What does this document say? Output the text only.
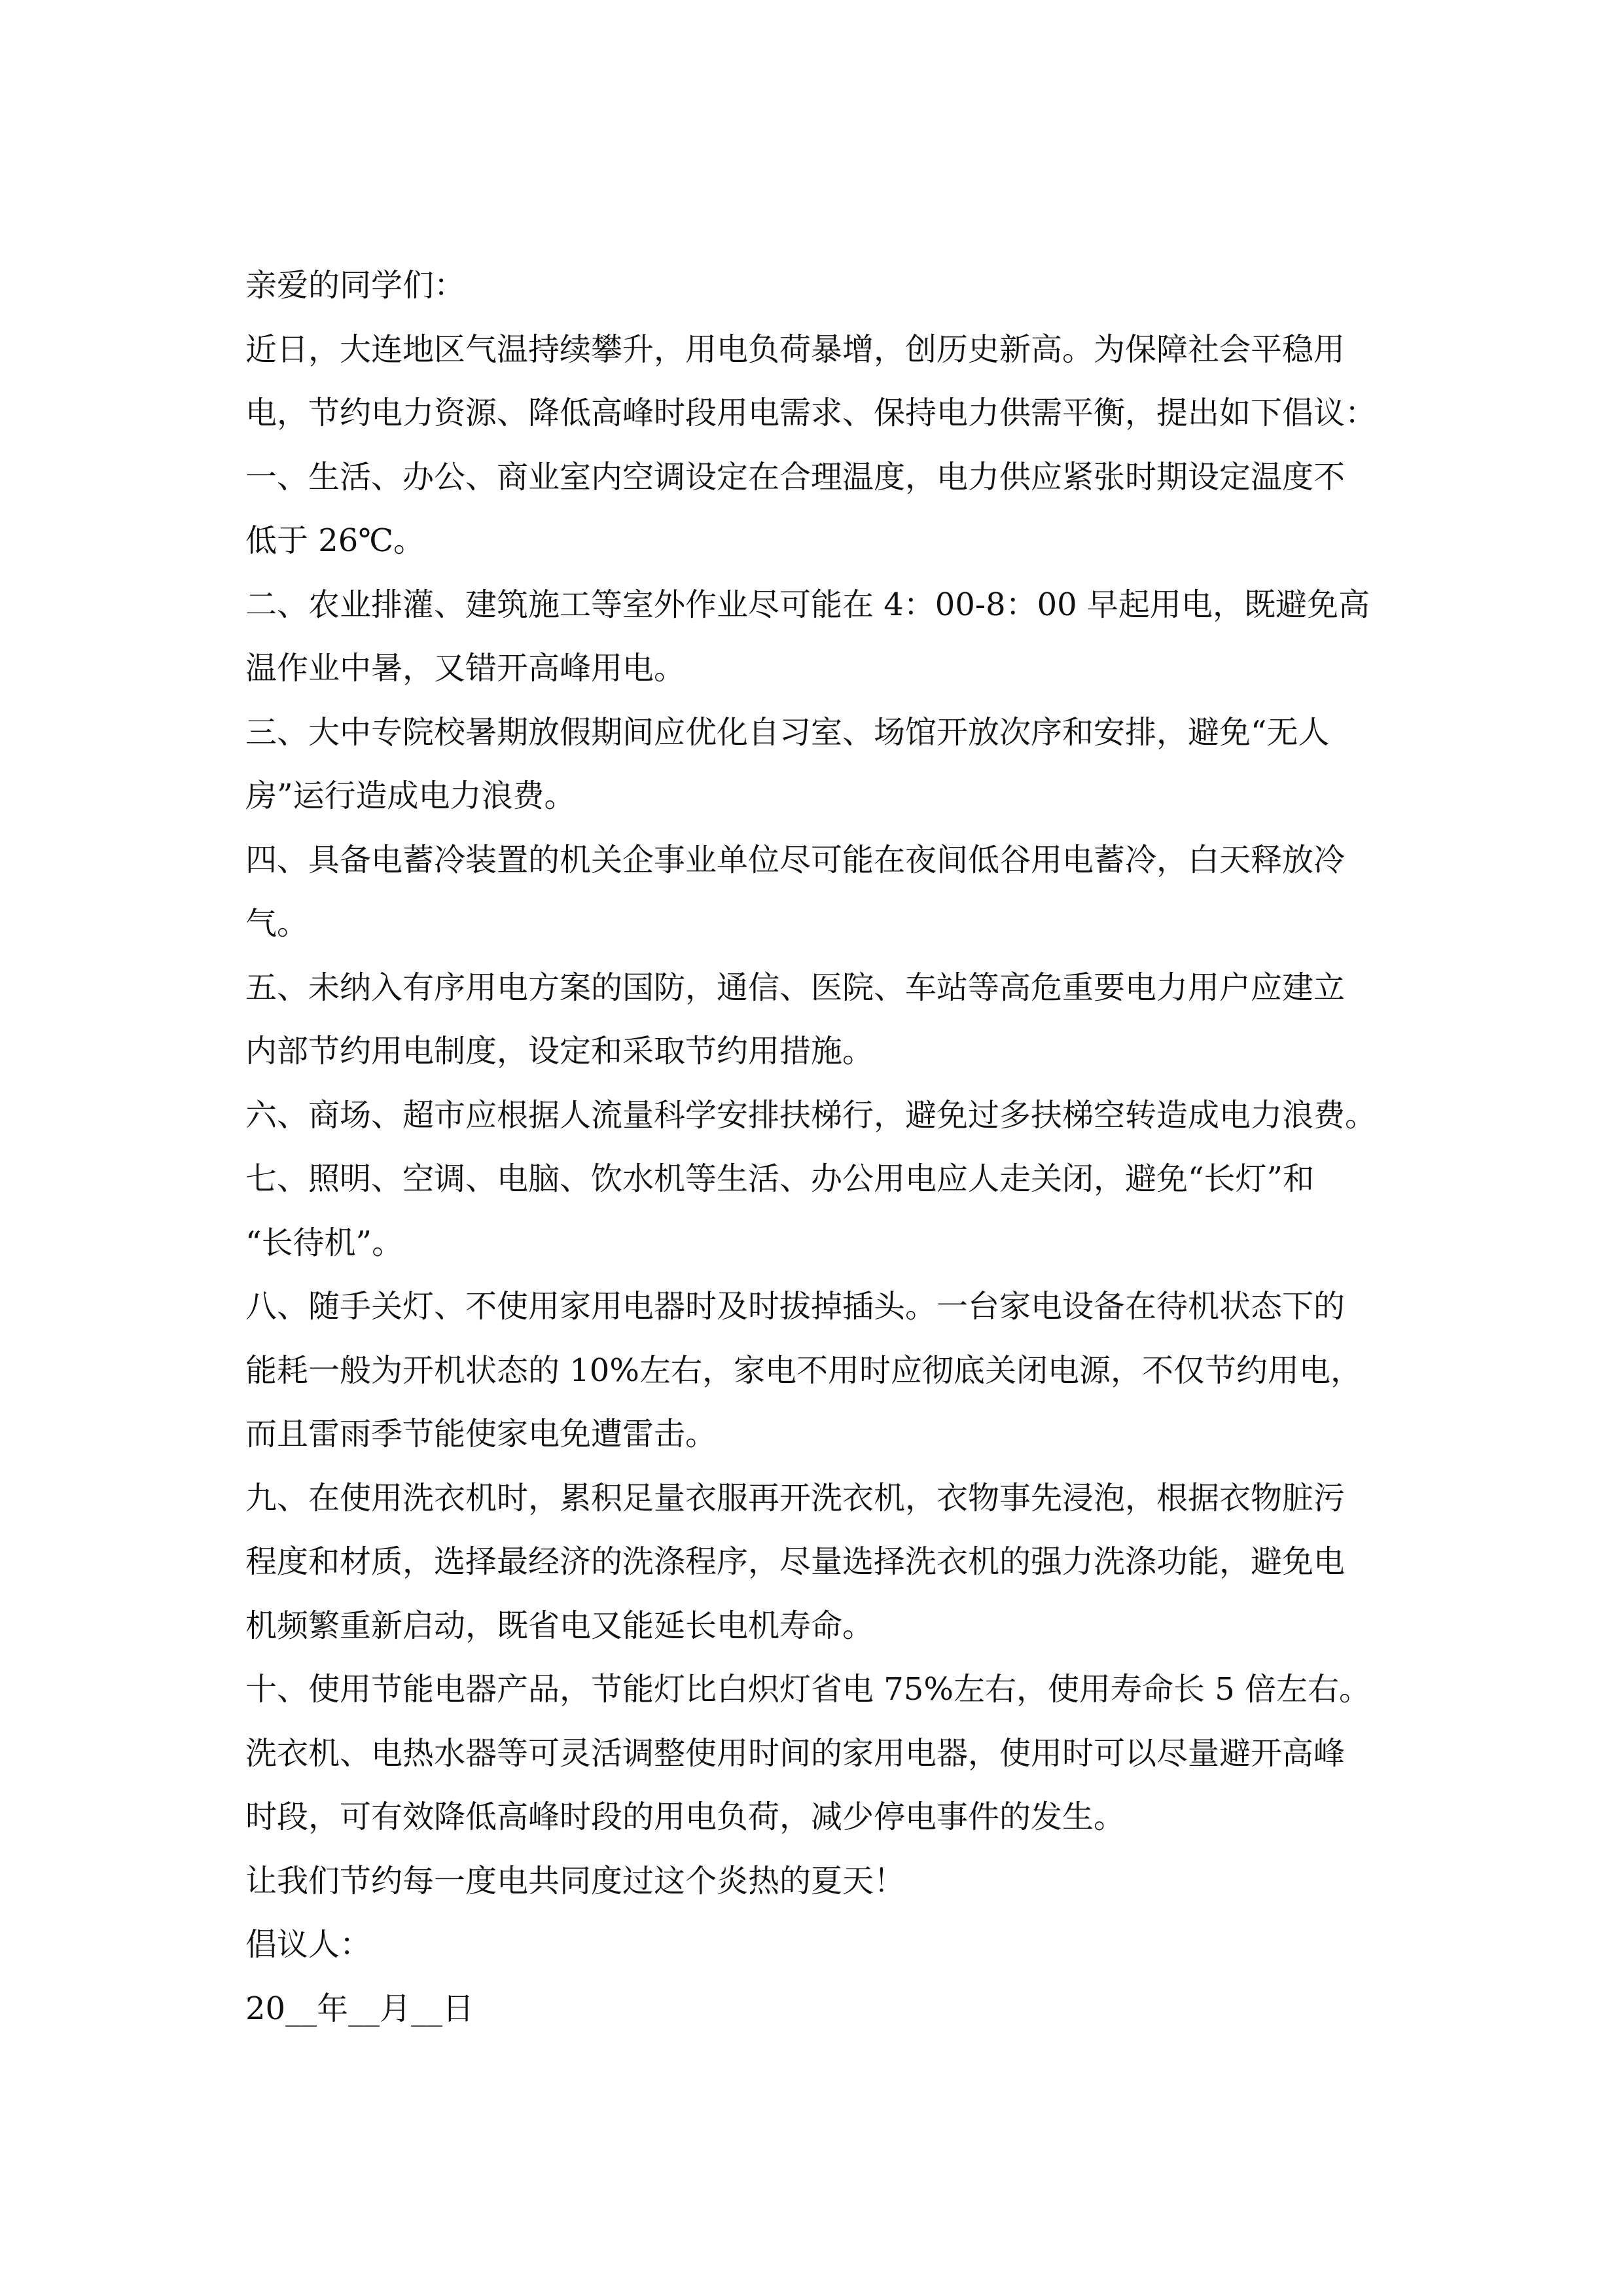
亲爱的同学们：
近日，大连地区气温持续攀升，用电负荷暴增，创历史新高。为保障社会平稳用
电，节约电力资源、降低高峰时段用电需求、保持电力供需平衡，提出如下倡议：
一、生活、办公、商业室内空调设定在合理温度，电力供应紧张时期设定温度不
低于 26℃。
二、农业排灌、建筑施工等室外作业尽可能在 4：00-8：00 早起用电，既避免高
温作业中暑，又错开高峰用电。
三、大中专院校暑期放假期间应优化自习室、场馆开放次序和安排，避免“无人
房”运行造成电力浪费。
四、具备电蓄冷装置的机关企事业单位尽可能在夜间低谷用电蓄冷，白天释放冷
气。
五、未纳入有序用电方案的国防，通信、医院、车站等高危重要电力用户应建立
内部节约用电制度，设定和采取节约用措施。
六、商场、超市应根据人流量科学安排扶梯行，避免过多扶梯空转造成电力浪费。
七、照明、空调、电脑、饮水机等生活、办公用电应人走关闭，避免“长灯”和
“长待机”。
八、随手关灯、不使用家用电器时及时拔掉插头。一台家电设备在待机状态下的
能耗一般为开机状态的 10%左右，家电不用时应彻底关闭电源，不仅节约用电，
而且雷雨季节能使家电免遭雷击。
九、在使用洗衣机时，累积足量衣服再开洗衣机，衣物事先浸泡，根据衣物脏污
程度和材质，选择最经济的洗涤程序，尽量选择洗衣机的强力洗涤功能，避免电
机频繁重新启动，既省电又能延长电机寿命。
十、使用节能电器产品，节能灯比白炽灯省电 75%左右，使用寿命长 5 倍左右。
洗衣机、电热水器等可灵活调整使用时间的家用电器，使用时可以尽量避开高峰
时段，可有效降低高峰时段的用电负荷，减少停电事件的发生。
让我们节约每一度电共同度过这个炎热的夏天！
倡议人：
20__年__月__日
